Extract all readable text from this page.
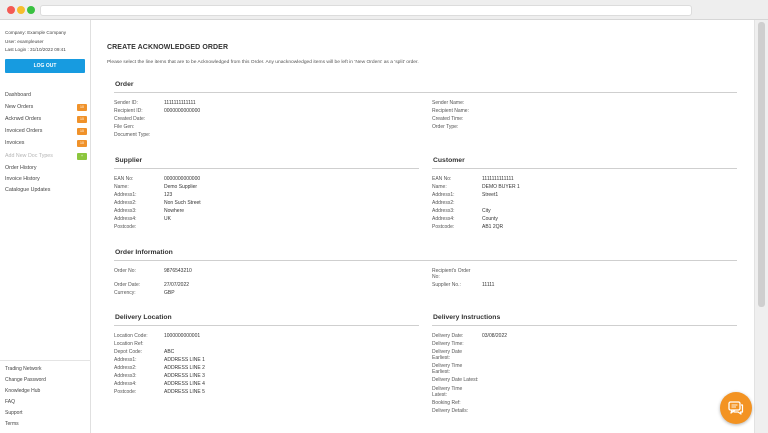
Company: Example Company
User: exampleuser
Last Login : 31/10/2022 09:41
LOG OUT
Dashboard
New Orders	10
Acknwd Orders	10
Invoiced Orders	10
Invoices	10
Add New Doc Types	+
Order History
Invoice History
Catalogue Updates
Trading Network
Change Password
Knowledge Hub
FAQ
Support
Terms
CREATE ACKNOWLEDGED ORDER
Please select the line items that are to be Acknowledged from this Order. Any unacknowledged items will be left in 'New Orders' as a 'split' order.
Order
Sender ID:	1111111111111
Recipient ID:	0000000000000
Created Date:
File Gen:
Document Type:
Sender Name:
Recipient Name:
Created Time:
Order Type:
Supplier
EAN No:	0000000000000
Name:	Demo Supplier
Address1:	123
Address2:	Non Such Street
Address3:	Nowhere
Address4:	UK
Postcode:
Customer
EAN No:	1111111111111
Name:	DEMO BUYER 1
Address1:	Street1
Address2:
Address3:	City
Address4:	County
Postcode:	AB1 2QR
Order Information
Order No:	9876543210
Order Date:	27/07/2022
Currency:	GBP
Recipient's Order
No:
Supplier No.:	11111
Delivery Location
Location Code:	1000000000001
Location Ref:
Depot Code:	ABC
Address1:	ADDRESS LINE 1
Address2:	ADDRESS LINE 2
Address3:	ADDRESS LINE 3
Address4:	ADDRESS LINE 4
Postcode:	ADDRESS LINE 5
Delivery Instructions
Delivery Date:	03/08/2022
Delivery Time:
Delivery Date
Earliest:
Delivery Time
Earliest:
Delivery Date Latest:
Delivery Time
Latest:
Booking Ref:
Delivery Details:
